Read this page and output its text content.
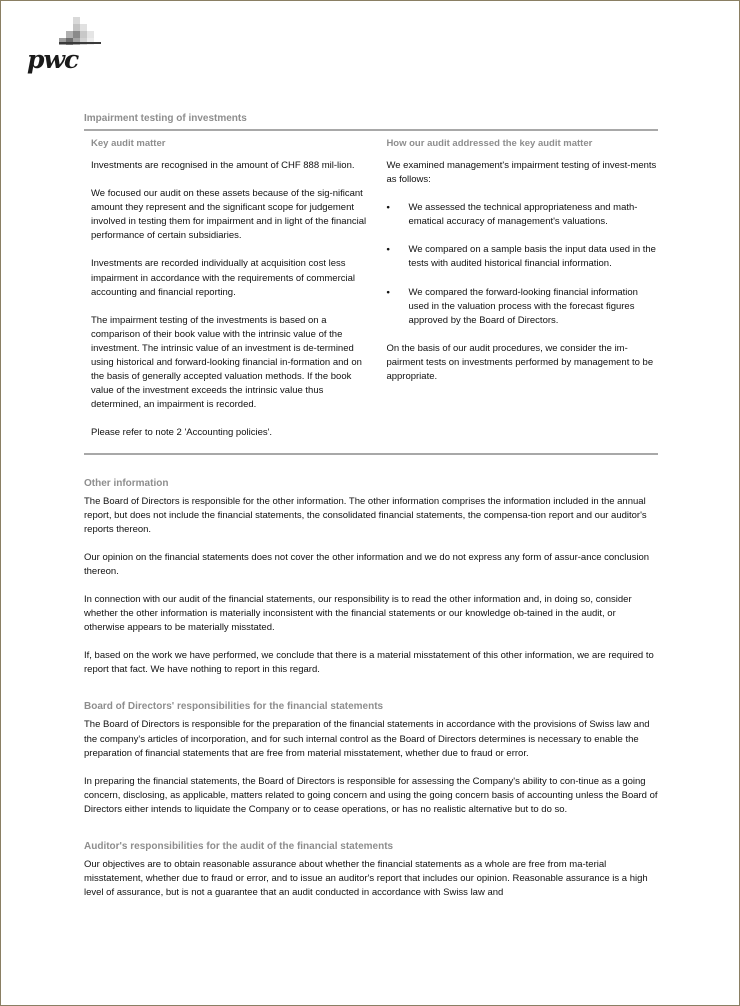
pwc
Impairment testing of investments
Key audit matter

Investments are recognised in the amount of CHF 888 mil-lion.

We focused our audit on these assets because of the sig-nificant amount they represent and the significant scope for judgement involved in testing them for impairment and in light of the financial performance of certain subsidiaries.

Investments are recorded individually at acquisition cost less impairment in accordance with the requirements of commercial accounting and financial reporting.

The impairment testing of the investments is based on a comparison of their book value with the intrinsic value of the investment. The intrinsic value of an investment is de-termined using historical and forward-looking financial in-formation and on the basis of generally accepted valuation methods. If the book value of the investment exceeds the intrinsic value thus determined, an impairment is recorded.

Please refer to note 2 'Accounting policies'.

How our audit addressed the key audit matter

We examined management's impairment testing of invest-ments as follows:

• We assessed the technical appropriateness and math-ematical accuracy of management's valuations.
• We compared on a sample basis the input data used in the tests with audited historical financial information.
• We compared the forward-looking financial information used in the valuation process with the forecast figures approved by the Board of Directors.

On the basis of our audit procedures, we consider the im-pairment tests on investments performed by management to be appropriate.

Other information

The Board of Directors is responsible for the other information. The other information comprises the information included in the annual report, but does not include the financial statements, the consolidated financial statements, the compensa-tion report and our auditor's reports thereon.

Our opinion on the financial statements does not cover the other information and we do not express any form of assur-ance conclusion thereon.

In connection with our audit of the financial statements, our responsibility is to read the other information and, in doing so, consider whether the other information is materially inconsistent with the financial statements or our knowledge ob-tained in the audit, or otherwise appears to be materially misstated.

If, based on the work we have performed, we conclude that there is a material misstatement of this other information, we are required to report that fact. We have nothing to report in this regard.

Board of Directors' responsibilities for the financial statements

The Board of Directors is responsible for the preparation of the financial statements in accordance with the provisions of Swiss law and the company's articles of incorporation, and for such internal control as the Board of Directors determines is necessary to enable the preparation of financial statements that are free from material misstatement, whether due to fraud or error.

In preparing the financial statements, the Board of Directors is responsible for assessing the Company's ability to con-tinue as a going concern, disclosing, as applicable, matters related to going concern and using the going concern basis of accounting unless the Board of Directors either intends to liquidate the Company or to cease operations, or has no realistic alternative but to do so.

Auditor's responsibilities for the audit of the financial statements

Our objectives are to obtain reasonable assurance about whether the financial statements as a whole are free from ma-terial misstatement, whether due to fraud or error, and to issue an auditor's report that includes our opinion. Reasonable assurance is a high level of assurance, but is not a guarantee that an audit conducted in accordance with Swiss law and
